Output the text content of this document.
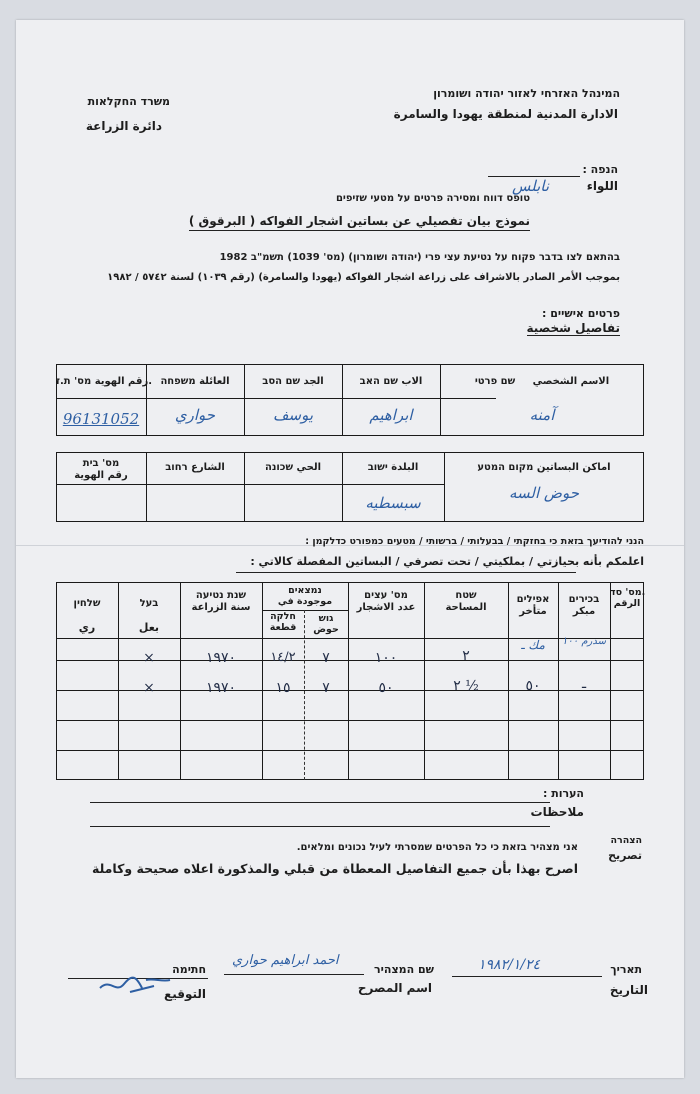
המינהל האזרחי לאזור יהודה ושומרון
الادارة المدنية لمنطقة يهودا والسامرة
משרד החקלאות
دائرة الزراعة
הנפה :
اللواء
نابلس
טופס דווח ומסירה פרטים על מטעי שזיפים
نموذج بيان تفصيلي عن بساتين اشجار الفواكه ( البرقوق )
בהתאם לצו בדבר פקוח על נטיעת עצי פרי (יהודה ושומרון) (מס' 1039) תשמ"ב 1982
بموجب الأمر الصادر بالاشراف على زراعة اشجار الفواكه (يهودا والسامرة) (رقم ١٠٣٩) لسنة ٥٧٤٢ / ١٩٨٢
פרטים אישיים :
تفاصيل شخصية
الاسم الشخصي     שם פרטי
الاب שם האב
الجد שם הסב
العائلة משפחה
رقم الهوية מס' ת.ז.
آمنه
ابراهيم
يوسف
حواري
96131052
اماكن البساتين מקום המטע
البلدة ישוב
الحي שכונה
الشارع רחוב
מס' בית
رقم الهوية
حوض السه
سبسطيه
הנני להודיעך בזאת כי בחזקתי / בבעלותי / ברשותי / מטעים כמפורט כדלקמן :
اعلمكم بأنه بحيازتي / بملكيتي / تحت تصرفي / البساتين المفصلة كالاتي :
מס' סד.
الرقم
בכירים
مبكر
אפילים
متأخر
שטח
المساحة
מס' עצים
عدد الاشجار
נמצאים
موجودة في
גוש
حوض
חלקה
قطعة
שנת נטיעה
سنة الزراعة
בעל
بعل
שלחין
ري
سدرم ١٠٠
مك ـ
٢
١٠٠
٧
١٤/٢
١٩٧٠
×
ـ
٥٠
٢ ½
٥٠
٧
١٥
١٩٧٠
×
הערות :
ملاحظات
הצהרה
تصريح
אני מצהיר בזאת כי כל הפרטים שמסרתי לעיל נכונים ומלאים.
اصرح بهذا بأن جميع التفاصيل المعطاة من قبلي والمذكورة اعلاه صحيحة وكاملة
תאריך
التاريخ
١٩٨٢/١/٢٤
שם המצהיר
اسم المصرح
احمد ابراهيم حواري
חתימה
التوقيع
